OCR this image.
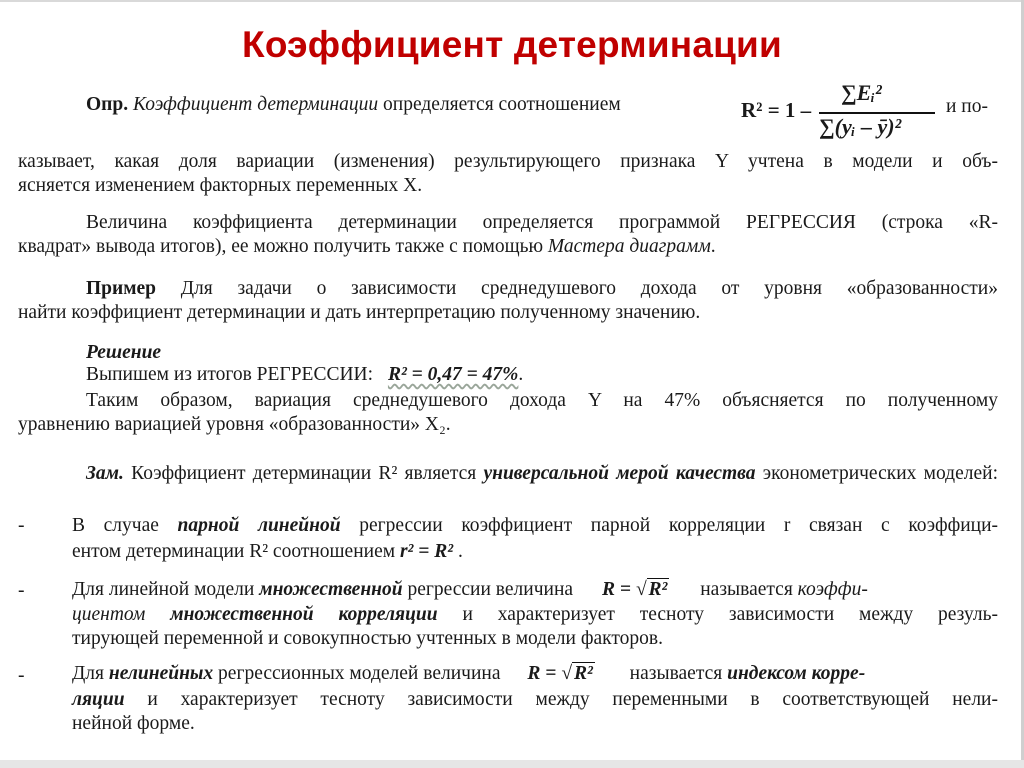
Коэффициент детерминации
Опр. Коэффициент детерминации определяется соотношением	R² = 1 –
∑Eᵢ²
∑(yᵢ – ȳ)²
и по-
казывает, какая доля вариации (изменения) результирующего признака Y учтена в модели и объ-
ясняется изменением факторных переменных X.
Величина коэффициента детерминации определяется программой РЕГРЕССИЯ (строка «R-
квадрат» вывода итогов), ее можно получить также с помощью Мастера диаграмм.
Пример Для задачи о зависимости среднедушевого дохода от уровня «образованности»
найти коэффициент детерминации и дать интерпретацию полученному значению.
Решение
Выпишем из итогов РЕГРЕССИИ: R² = 0,47 = 47%.
Таким образом, вариация среднедушевого дохода Y на 47% объясняется по полученному
уравнению вариацией уровня «образованности» X₂.
Зам. Коэффициент детерминации R² является универсальной мерой качества эконометрических моделей:
- В случае парной линейной регрессии коэффициент парной корреляции r связан с коэффици-
ентом детерминации R² соотношением r² = R² .
- Для линейной модели множественной регрессии величина R = √ R² называется коэффи-
циентом множественной корреляции и характеризует тесноту зависимости между резуль-
тирующей переменной и совокупностью учтенных в модели факторов.
- Для нелинейных регрессионных моделей величина R = √ R² называется индексом корре-
ляции и характеризует тесноту зависимости между переменными в соответствующей нели-
нейной форме.
